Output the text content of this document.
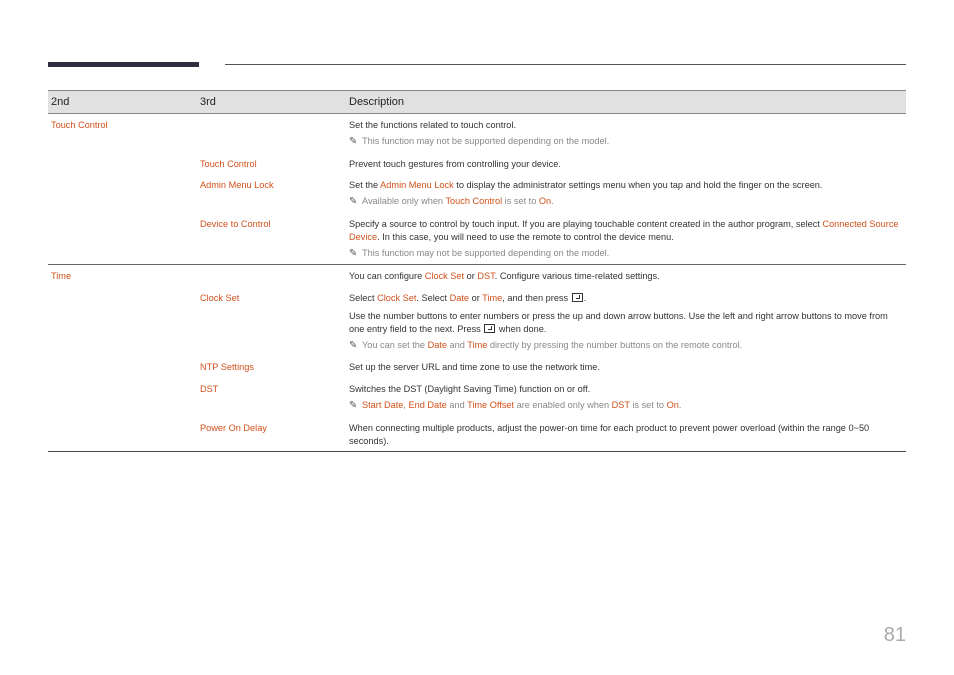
2nd	3rd	Description
Touch Control		Set the functions related to touch control.
✎ This function may not be supported depending on the model.

	Touch Control	Prevent touch gestures from controlling your device.
	Admin Menu Lock	Set the Admin Menu Lock to display the administrator settings menu when you tap and hold the finger on the screen.
✎ Available only when Touch Control is set to On.

	Device to Control	Specify a source to control by touch input. If you are playing touchable content created in the author program, select Connected Source Device. In this case, you will need to use the remote to control the device menu.
✎ This function may not be supported depending on the model.

Time		You can configure Clock Set or DST. Configure various time-related settings.
	Clock Set	Select Clock Set. Select Date or Time, and then press .
Use the number buttons to enter numbers or press the up and down arrow buttons. Use the left and right arrow buttons to move from one entry field to the next. Press when done.
✎ You can set the Date and Time directly by pressing the number buttons on the remote control.

	NTP Settings	Set up the server URL and time zone to use the network time.
	DST	Switches the DST (Daylight Saving Time) function on or off.
✎ Start Date, End Date and Time Offset are enabled only when DST is set to On.

	Power On Delay	When connecting multiple products, adjust the power-on time for each product to prevent power overload (within the range 0~50 seconds).
81
